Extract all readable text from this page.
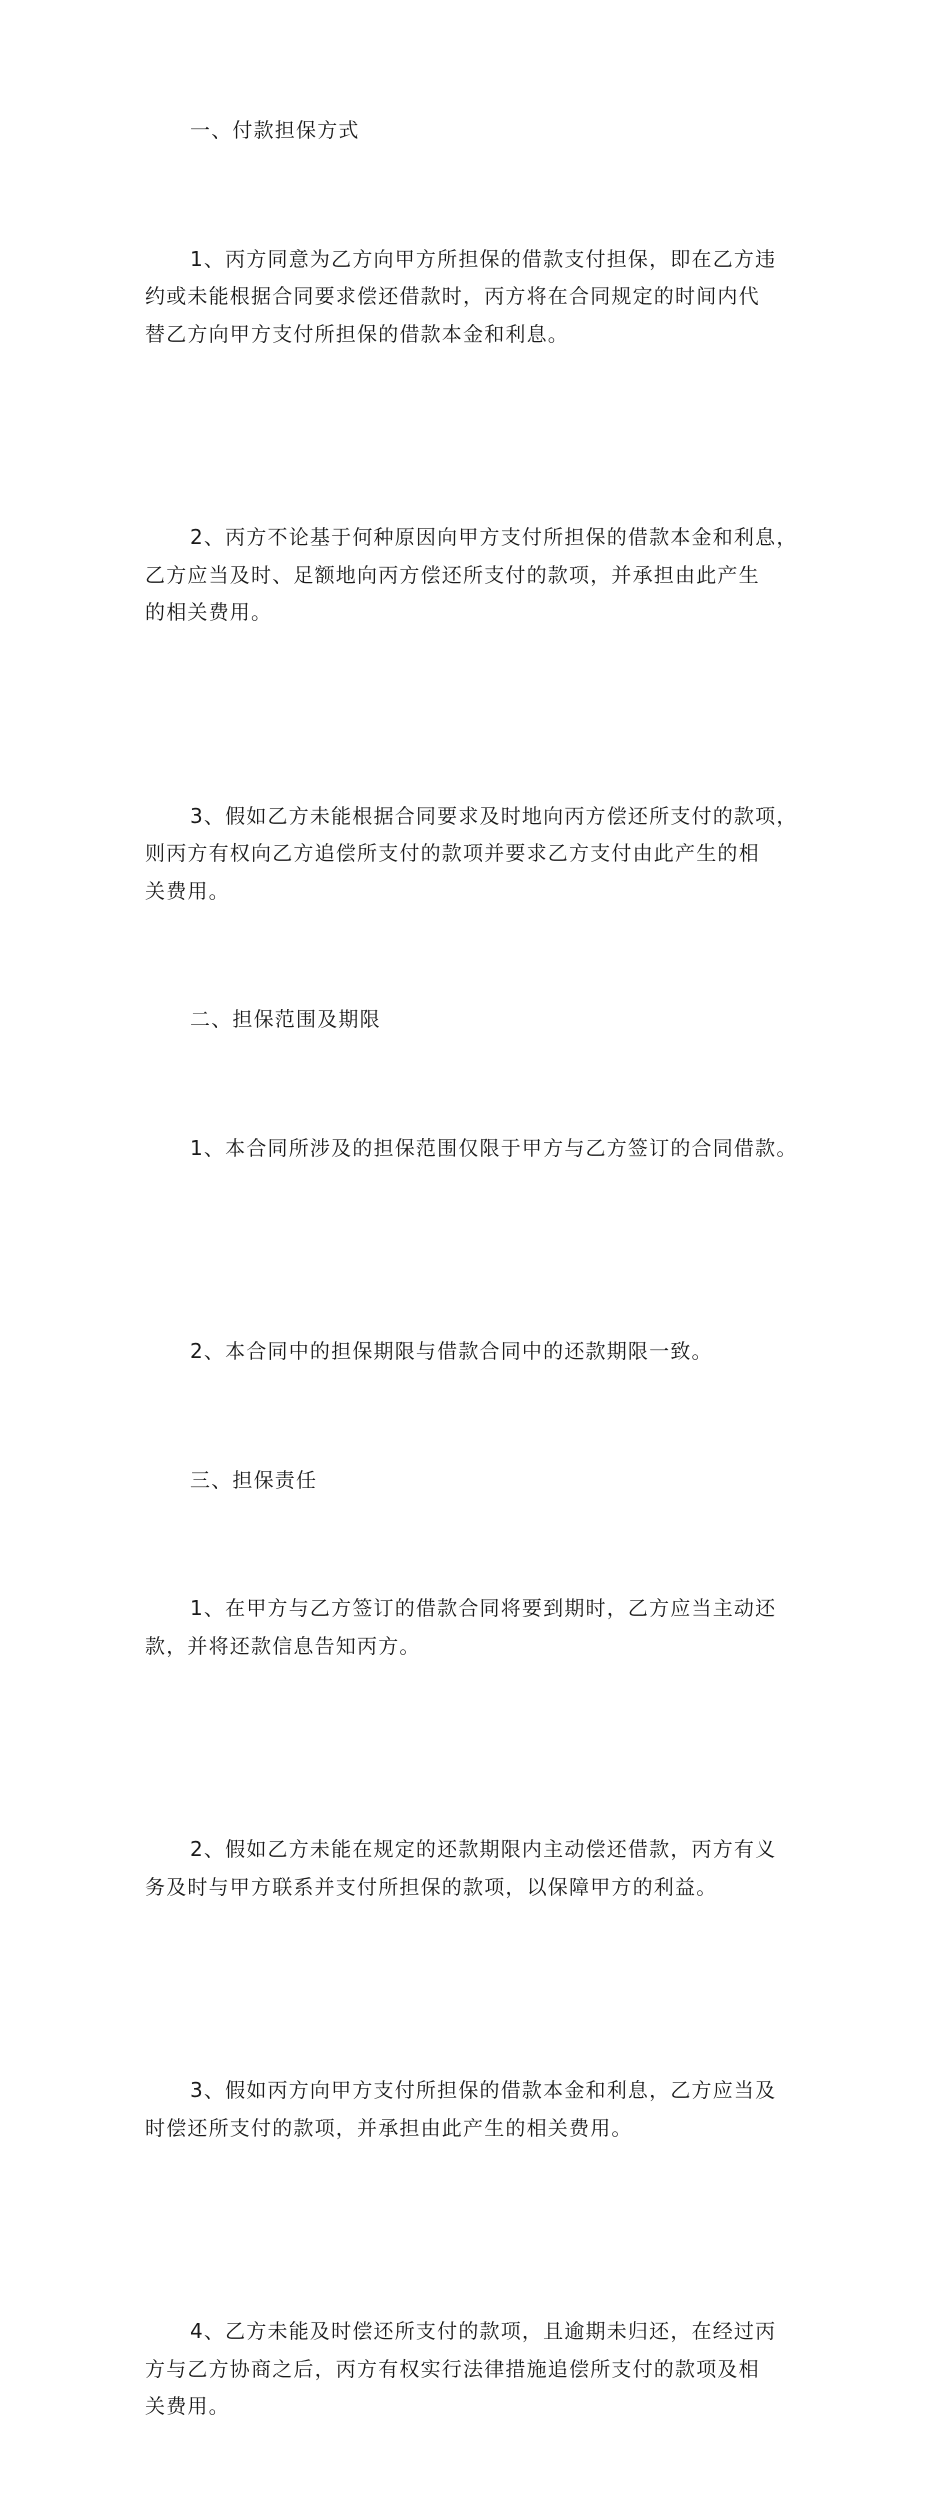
一、付款担保方式

1、丙方同意为乙方向甲方所担保的借款支付担保，即在乙方违
约或未能根据合同要求偿还借款时，丙方将在合同规定的时间内代
替乙方向甲方支付所担保的借款本金和利息。

2、丙方不论基于何种原因向甲方支付所担保的借款本金和利息，
乙方应当及时、足额地向丙方偿还所支付的款项，并承担由此产生
的相关费用。

3、假如乙方未能根据合同要求及时地向丙方偿还所支付的款项，
则丙方有权向乙方追偿所支付的款项并要求乙方支付由此产生的相
关费用。

二、担保范围及期限

1、本合同所涉及的担保范围仅限于甲方与乙方签订的合同借款。

2、本合同中的担保期限与借款合同中的还款期限一致。

三、担保责任

1、在甲方与乙方签订的借款合同将要到期时，乙方应当主动还
款，并将还款信息告知丙方。

2、假如乙方未能在规定的还款期限内主动偿还借款，丙方有义
务及时与甲方联系并支付所担保的款项，以保障甲方的利益。

3、假如丙方向甲方支付所担保的借款本金和利息，乙方应当及
时偿还所支付的款项，并承担由此产生的相关费用。

4、乙方未能及时偿还所支付的款项，且逾期未归还，在经过丙
方与乙方协商之后，丙方有权实行法律措施追偿所支付的款项及相
关费用。
